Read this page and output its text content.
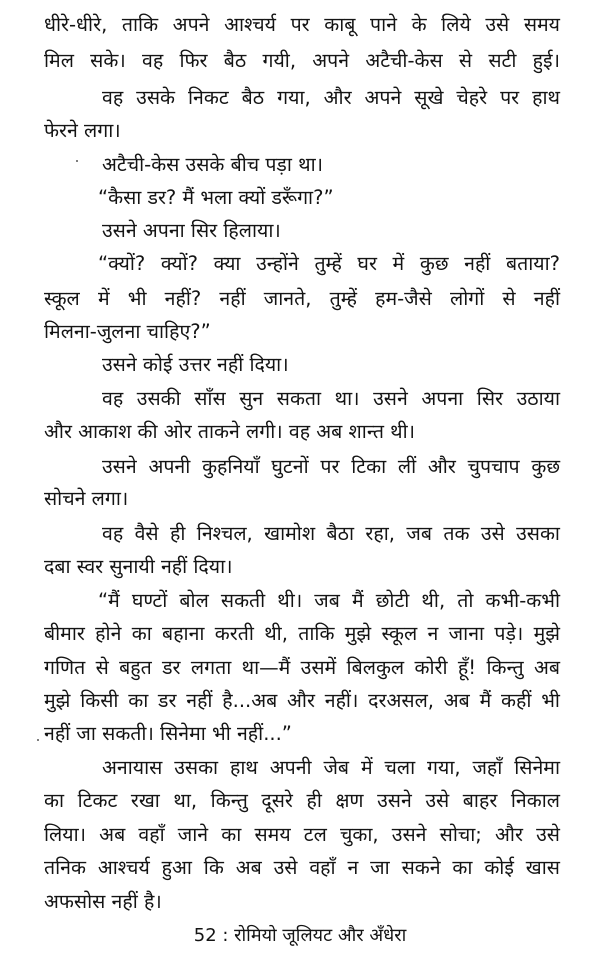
धीरे-धीरे, ताकि अपने आश्चर्य पर काबू पाने के लिये उसे समय
मिल सके। वह फिर बैठ गयी, अपने अटैची-केस से सटी हुई।
वह उसके निकट बैठ गया, और अपने सूखे चेहरे पर हाथ
फेरने लगा।
अटैची-केस उसके बीच पड़ा था।
“कैसा डर? मैं भला क्यों डरूँगा?”
उसने अपना सिर हिलाया।
“क्यों? क्यों? क्या उन्होंने तुम्हें घर में कुछ नहीं बताया?
स्कूल में भी नहीं? नहीं जानते, तुम्हें हम-जैसे लोगों से नहीं
मिलना-जुलना चाहिए?”
उसने कोई उत्तर नहीं दिया।
वह उसकी साँस सुन सकता था। उसने अपना सिर उठाया
और आकाश की ओर ताकने लगी। वह अब शान्त थी।
उसने अपनी कुहनियाँ घुटनों पर टिका लीं और चुपचाप कुछ
सोचने लगा।
वह वैसे ही निश्चल, खामोश बैठा रहा, जब तक उसे उसका
दबा स्वर सुनायी नहीं दिया।
“मैं घण्टों बोल सकती थी। जब मैं छोटी थी, तो कभी-कभी
बीमार होने का बहाना करती थी, ताकि मुझे स्कूल न जाना पड़े। मुझे
गणित से बहुत डर लगता था—मैं उसमें बिलकुल कोरी हूँ! किन्तु अब
मुझे किसी का डर नहीं है...अब और नहीं। दरअसल, अब मैं कहीं भी
नहीं जा सकती। सिनेमा भी नहीं...”
अनायास उसका हाथ अपनी जेब में चला गया, जहाँ सिनेमा
का टिकट रखा था, किन्तु दूसरे ही क्षण उसने उसे बाहर निकाल
लिया। अब वहाँ जाने का समय टल चुका, उसने सोचा; और उसे
तनिक आश्चर्य हुआ कि अब उसे वहाँ न जा सकने का कोई खास
अफसोस नहीं है।
52 : रोमियो जूलियट और अँधेरा
